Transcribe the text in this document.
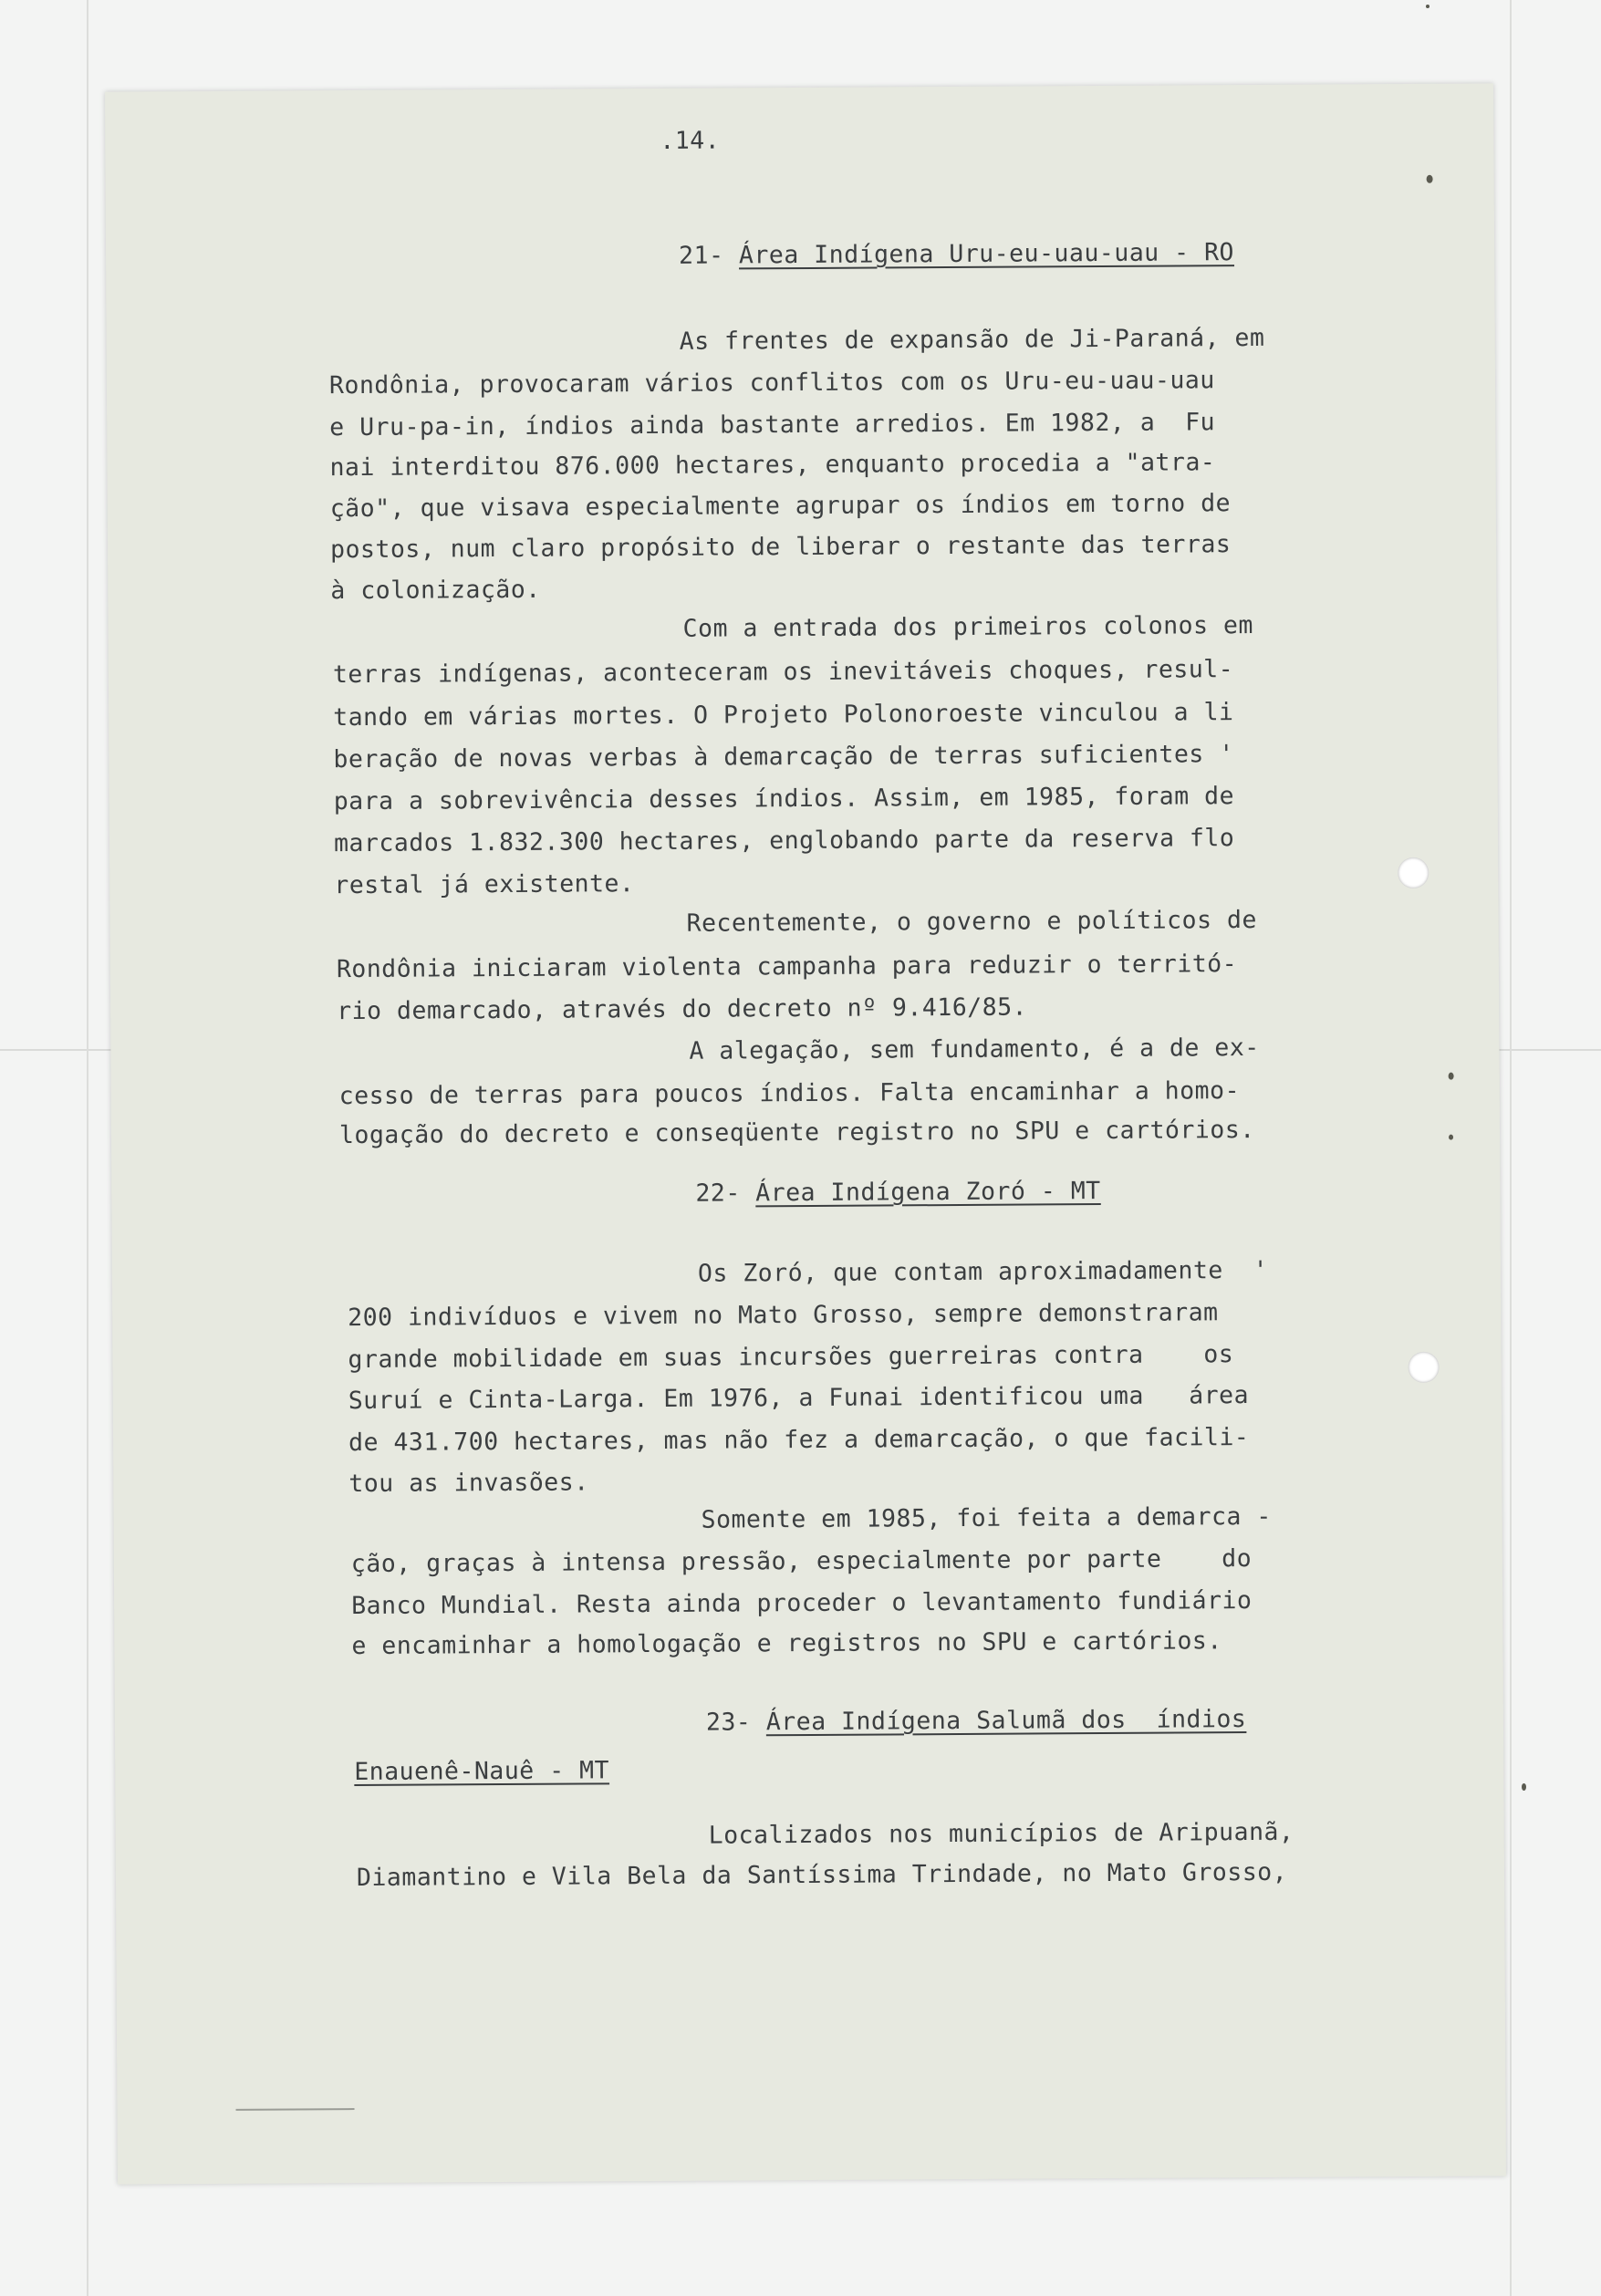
.14.
21- Área Indígena Uru-eu-uau-uau - RO
As frentes de expansão de Ji-Paraná, em
Rondônia, provocaram vários conflitos com os Uru-eu-uau-uau
e Uru-pa-in, índios ainda bastante arredios. Em 1982, a  Fu
nai interditou 876.000 hectares, enquanto procedia a "atra-
ção", que visava especialmente agrupar os índios em torno de
postos, num claro propósito de liberar o restante das terras
à colonização.
Com a entrada dos primeiros colonos em
terras indígenas, aconteceram os inevitáveis choques, resul-
tando em várias mortes. O Projeto Polonoroeste vinculou a li
beração de novas verbas à demarcação de terras suficientes '
para a sobrevivência desses índios. Assim, em 1985, foram de
marcados 1.832.300 hectares, englobando parte da reserva flo
restal já existente.
Recentemente, o governo e políticos de
Rondônia iniciaram violenta campanha para reduzir o territó-
rio demarcado, através do decreto nº 9.416/85.
A alegação, sem fundamento, é a de ex-
cesso de terras para poucos índios. Falta encaminhar a homo-
logação do decreto e conseqüente registro no SPU e cartórios.
22- Área Indígena Zoró - MT
Os Zoró, que contam aproximadamente  '
200 indivíduos e vivem no Mato Grosso, sempre demonstraram
grande mobilidade em suas incursões guerreiras contra    os
Suruí e Cinta-Larga. Em 1976, a Funai identificou uma   área
de 431.700 hectares, mas não fez a demarcação, o que facili-
tou as invasões.
Somente em 1985, foi feita a demarca -
ção, graças à intensa pressão, especialmente por parte    do
Banco Mundial. Resta ainda proceder o levantamento fundiário
e encaminhar a homologação e registros no SPU e cartórios.
23- Área Indígena Salumã dos  índios
Enauenê-Nauê - MT
Localizados nos municípios de Aripuanã,
Diamantino e Vila Bela da Santíssima Trindade, no Mato Grosso,
